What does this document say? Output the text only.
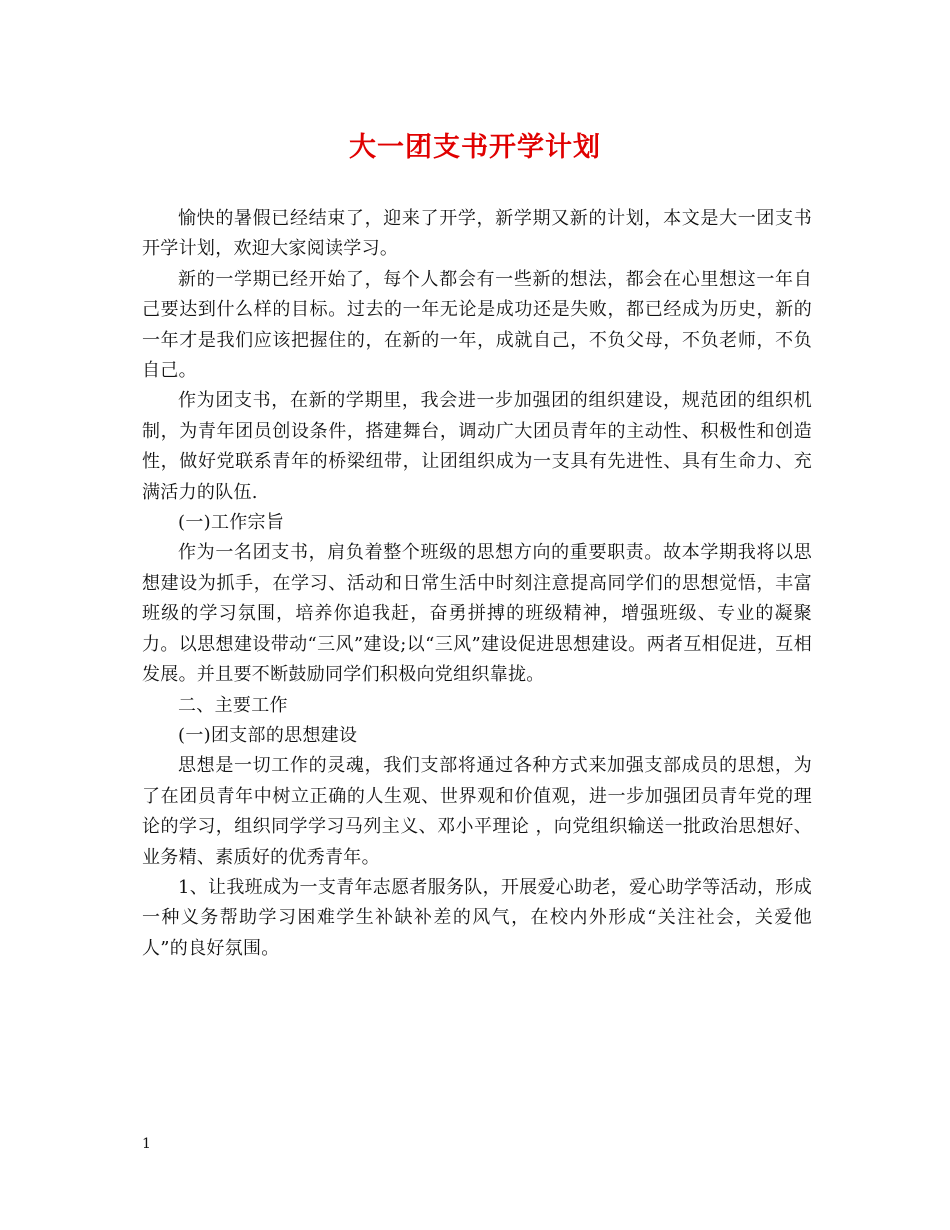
大一团支书开学计划

愉快的暑假已经结束了，迎来了开学，新学期又新的计划，本文是大一团支书开学计划，欢迎大家阅读学习。

新的一学期已经开始了，每个人都会有一些新的想法，都会在心里想这一年自己要达到什么样的目标。过去的一年无论是成功还是失败，都已经成为历史，新的一年才是我们应该把握住的，在新的一年，成就自己，不负父母，不负老师，不负自己。

作为团支书，在新的学期里，我会进一步加强团的组织建设，规范团的组织机制，为青年团员创设条件，搭建舞台，调动广大团员青年的主动性、积极性和创造性，做好党联系青年的桥梁纽带，让团组织成为一支具有先进性、具有生命力、充满活力的队伍.

(一)工作宗旨

作为一名团支书，肩负着整个班级的思想方向的重要职责。故本学期我将以思想建设为抓手，在学习、活动和日常生活中时刻注意提高同学们的思想觉悟，丰富班级的学习氛围，培养你追我赶，奋勇拼搏的班级精神，增强班级、专业的凝聚力。以思想建设带动“三风”建设;以“三风”建设促进思想建设。两者互相促进，互相发展。并且要不断鼓励同学们积极向党组织靠拢。

二、主要工作

(一)团支部的思想建设

思想是一切工作的灵魂，我们支部将通过各种方式来加强支部成员的思想，为了在团员青年中树立正确的人生观、世界观和价值观，进一步加强团员青年党的理论的学习，组织同学学习马列主义、邓小平理论 ，向党组织输送一批政治思想好、业务精、素质好的优秀青年。

1、让我班成为一支青年志愿者服务队，开展爱心助老，爱心助学等活动，形成一种义务帮助学习困难学生补缺补差的风气，在校内外形成“关注社会，关爱他人”的良好氛围。

1
